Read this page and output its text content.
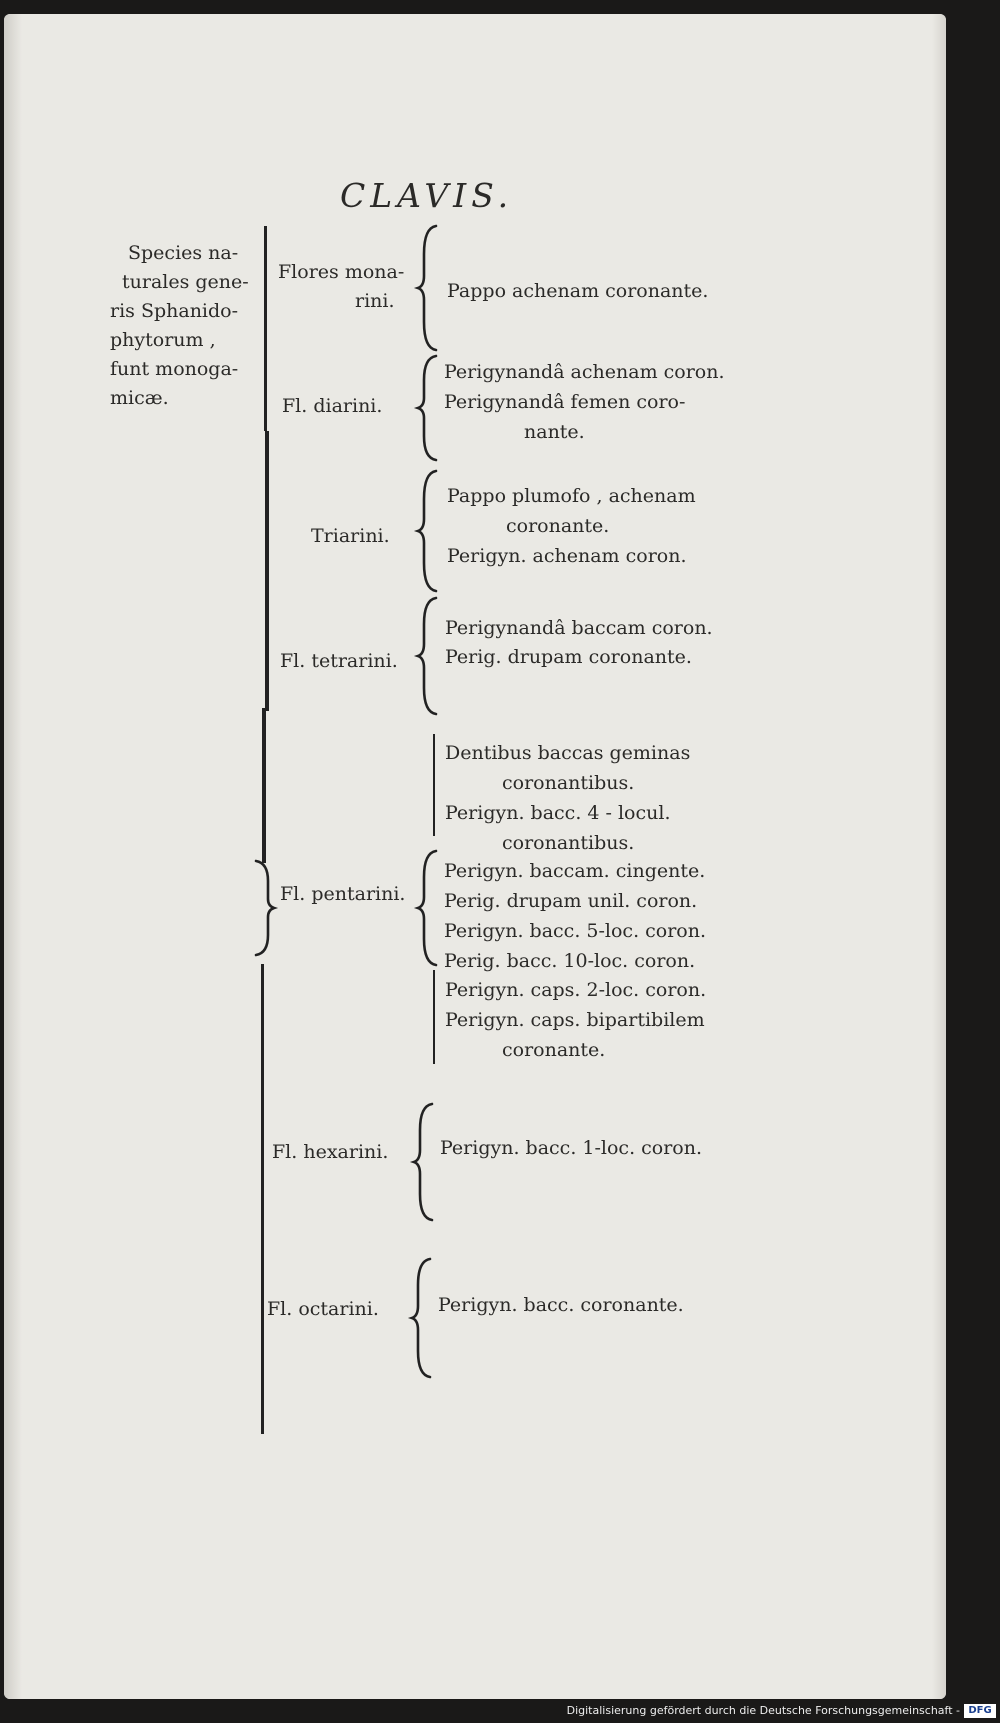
CLAVIS.
Species na-
turales gene-
ris Sphanido-
phytorum ,
funt monoga-
micæ.
Flores mona-
rini.
Fl. diarini.
Triarini.
Fl. tetrarini.
Fl. pentarini.
Fl. hexarini.
Fl. octarini.
Pappo achenam coronante.
Perigynandâ achenam coron.
Perigynandâ femen coro-
nante.
Pappo plumofo , achenam
coronante.
Perigyn. achenam coron.
Perigynandâ baccam coron.
Perig. drupam coronante.
Dentibus baccas geminas
coronantibus.
Perigyn. bacc. 4 - locul.
coronantibus.
Perigyn. baccam. cingente.
Perig. drupam unil. coron.
Perigyn. bacc. 5-loc. coron.
Perig. bacc. 10-loc. coron.
Perigyn. caps. 2-loc. coron.
Perigyn. caps. bipartibilem
coronante.
Perigyn. bacc. 1-loc. coron.
Perigyn. bacc. coronante.
Digitalisierung gefördert durch die Deutsche Forschungsgemeinschaft - DFG
